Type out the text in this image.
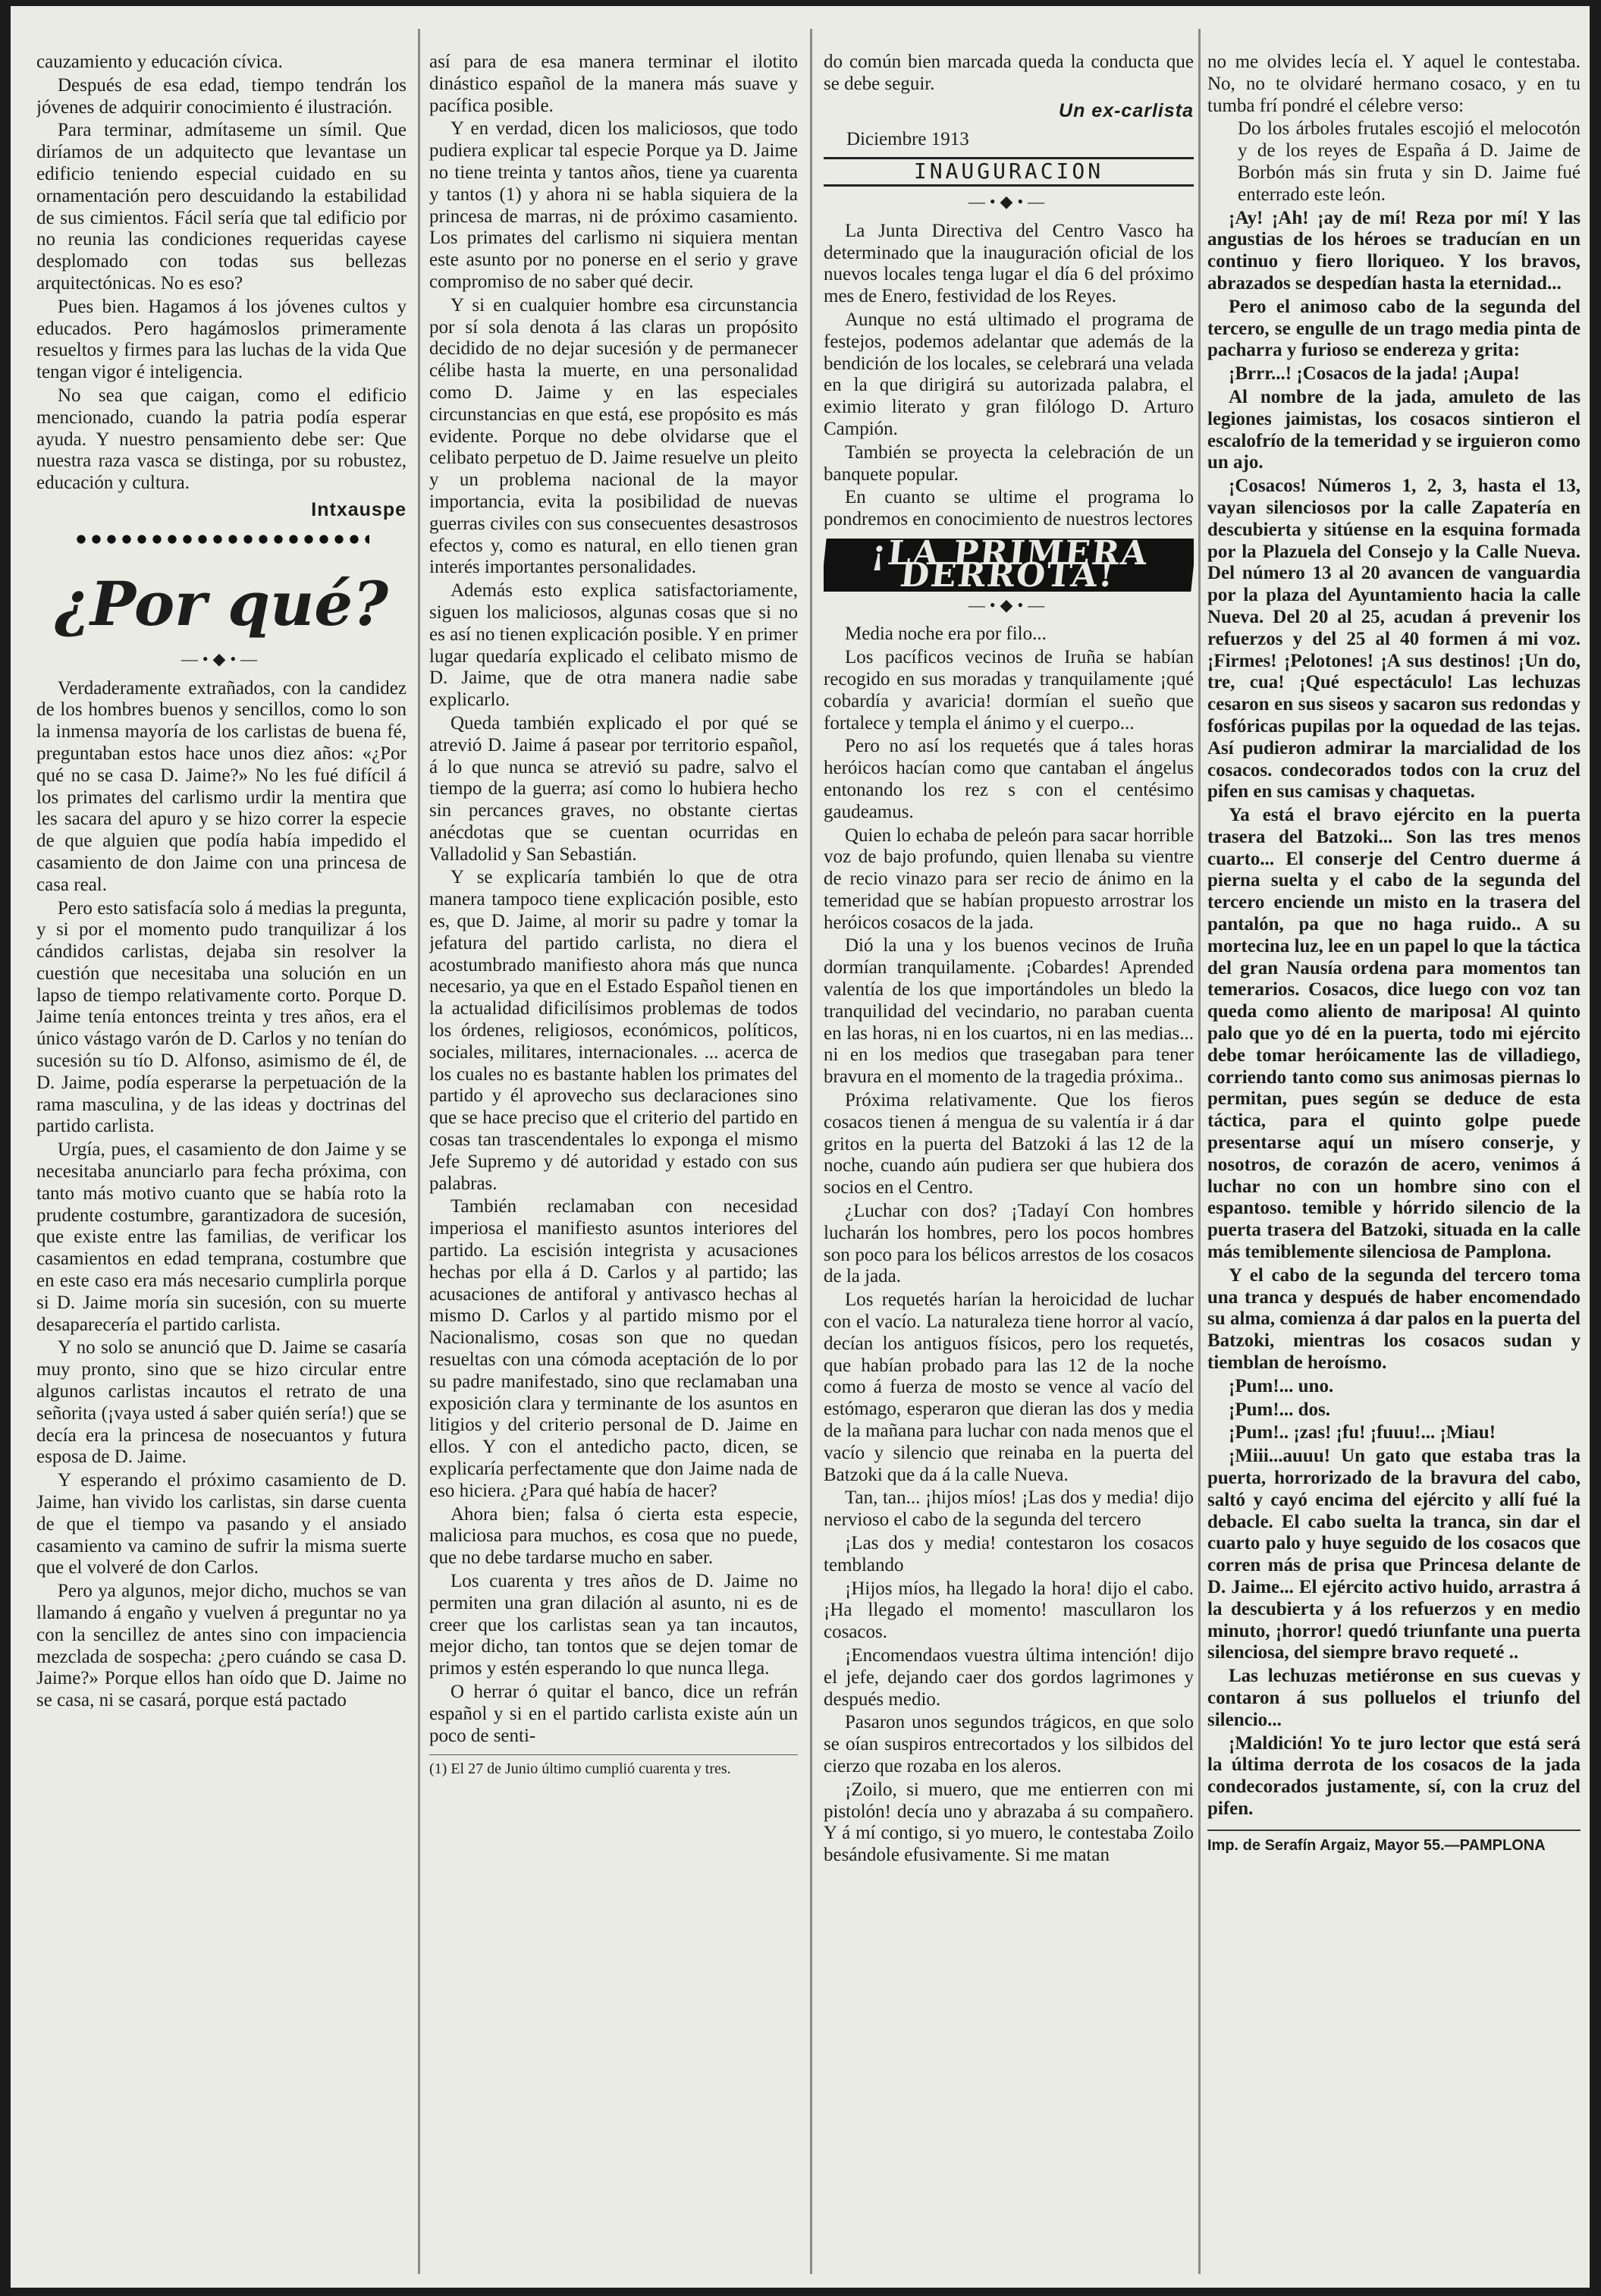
cauzamiento y educación cívica.

Después de esa edad, tiempo tendrán los jóvenes de adquirir conocimiento é ilustración.

Para terminar, admítaseme un símil. Que diríamos de un adquitecto que levantase un edificio teniendo especial cuidado en su ornamentación pero descuidando la estabilidad de sus cimientos. Fácil sería que tal edificio por no reunia las condiciones requeridas cayese desplomado con todas sus bellezas arquitectónicas. No es eso?

Pues bien. Hagamos á los jóvenes cultos y educados. Pero hagámoslos primeramente resueltos y firmes para las luchas de la vida Que tengan vigor é inteligencia.

No sea que caigan, como el edificio mencionado, cuando la patria podía esperar ayuda. Y nuestro pensamiento debe ser: Que nuestra raza vasca se distinga, por su robustez, educación y cultura.

Intxauspe
¿Por qué?
—•◆•—

Verdaderamente extrañados, con la candidez de los hombres buenos y sencillos, como lo son la inmensa mayoría de los carlistas de buena fé, preguntaban estos hace unos diez años: «¿Por qué no se casa D. Jaime?» No les fué difícil á los primates del carlismo urdir la mentira que les sacara del apuro y se hizo correr la especie de que alguien que podía había impedido el casamiento de don Jaime con una princesa de casa real.

Pero esto satisfacía solo á medias la pregunta, y si por el momento pudo tranquilizar á los cándidos carlistas, dejaba sin resolver la cuestión que necesitaba una solución en un lapso de tiempo relativamente corto. Porque D. Jaime tenía entonces treinta y tres años, era el único vástago varón de D. Carlos y no tenían do sucesión su tío D. Alfonso, asimismo de él, de D. Jaime, podía esperarse la perpetuación de la rama masculina, y de las ideas y doctrinas del partido carlista.

Urgía, pues, el casamiento de don Jaime y se necesitaba anunciarlo para fecha próxima, con tanto más motivo cuanto que se había roto la prudente costumbre, garantizadora de sucesión, que existe entre las familias, de verificar los casamientos en edad temprana, costumbre que en este caso era más necesario cumplirla porque si D. Jaime moría sin sucesión, con su muerte desaparecería el partido carlista.

Y no solo se anunció que D. Jaime se casaría muy pronto, sino que se hizo circular entre algunos carlistas incautos el retrato de una señorita (¡vaya usted á saber quién sería!) que se decía era la princesa de nosecuantos y futura esposa de D. Jaime.

Y esperando el próximo casamiento de D. Jaime, han vivido los carlistas, sin darse cuenta de que el tiempo va pasando y el ansiado casamiento va camino de sufrir la misma suerte que el volveré de don Carlos.

Pero ya algunos, mejor dicho, muchos se van llamando á engaño y vuelven á preguntar no ya con la sencillez de antes sino con impaciencia mezclada de sospecha: ¿pero cuándo se casa D. Jaime?» Porque ellos han oído que D. Jaime no se casa, ni se casará, porque está pactado

así para de esa manera terminar el ilotito dinástico español de la manera más suave y pacífica posible.

Y en verdad, dicen los maliciosos, que todo pudiera explicar tal especie Porque ya D. Jaime no tiene treinta y tantos años, tiene ya cuarenta y tantos (1) y ahora ni se habla siquiera de la princesa de marras, ni de próximo casamiento. Los primates del carlismo ni siquiera mentan este asunto por no ponerse en el serio y grave compromiso de no saber qué decir.

Y si en cualquier hombre esa circunstancia por sí sola denota á las claras un propósito decidido de no dejar sucesión y de permanecer célibe hasta la muerte, en una personalidad como D. Jaime y en las especiales circunstancias en que está, ese propósito es más evidente. Porque no debe olvidarse que el celibato perpetuo de D. Jaime resuelve un pleito y un problema nacional de la mayor importancia, evita la posibilidad de nuevas guerras civiles con sus consecuentes desastrosos efectos y, como es natural, en ello tienen gran interés importantes personalidades.

Además esto explica satisfactoriamente, siguen los maliciosos, algunas cosas que si no es así no tienen explicación posible. Y en primer lugar quedaría explicado el celibato mismo de D. Jaime, que de otra manera nadie sabe explicarlo.

Queda también explicado el por qué se atrevió D. Jaime á pasear por territorio español, á lo que nunca se atrevió su padre, salvo el tiempo de la guerra; así como lo hubiera hecho sin percances graves, no obstante ciertas anécdotas que se cuentan ocurridas en Valladolid y San Sebastián.

Y se explicaría también lo que de otra manera tampoco tiene explicación posible, esto es, que D. Jaime, al morir su padre y tomar la jefatura del partido carlista, no diera el acostumbrado manifiesto ahora más que nunca necesario, ya que en el Estado Español tienen en la actualidad dificilísimos problemas de todos los órdenes, religiosos, económicos, políticos, sociales, militares, internacionales. ... acerca de los cuales no es bastante hablen los primates del partido y él aprovecho sus declaraciones sino que se hace preciso que el criterio del partido en cosas tan trascendentales lo exponga el mismo Jefe Supremo y dé autoridad y estado con sus palabras.

También reclamaban con necesidad imperiosa el manifiesto asuntos interiores del partido. La escisión integrista y acusaciones hechas por ella á D. Carlos y al partido; las acusaciones de antiforal y antivasco hechas al mismo D. Carlos y al partido mismo por el Nacionalismo, cosas son que no quedan resueltas con una cómoda aceptación de lo por su padre manifestado, sino que reclamaban una exposición clara y terminante de los asuntos en litigios y del criterio personal de D. Jaime en ellos. Y con el antedicho pacto, dicen, se explicaría perfectamente que don Jaime nada de eso hiciera. ¿Para qué había de hacer?

Ahora bien; falsa ó cierta esta especie, maliciosa para muchos, es cosa que no puede, que no debe tardarse mucho en saber.

Los cuarenta y tres años de D. Jaime no permiten una gran dilación al asunto, ni es de creer que los carlistas sean ya tan incautos, mejor dicho, tan tontos que se dejen tomar de primos y estén esperando lo que nunca llega.

O herrar ó quitar el banco, dice un refrán español y si en el partido carlista existe aún un poco de senti-

(1) El 27 de Junio último cumplió cuarenta y tres.

do común bien marcada queda la conducta que se debe seguir.

Un ex-carlista
Diciembre 1913
INAUGURACION
—•◆•—

La Junta Directiva del Centro Vasco ha determinado que la inauguración oficial de los nuevos locales tenga lugar el día 6 del próximo mes de Enero, festividad de los Reyes.

Aunque no está ultimado el programa de festejos, podemos adelantar que además de la bendición de los locales, se celebrará una velada en la que dirigirá su autorizada palabra, el eximio literato y gran filólogo D. Arturo Campión.

También se proyecta la celebración de un banquete popular.

En cuanto se ultime el programa lo pondremos en conocimiento de nuestros lectores

¡LA PRIMERA DERROTA!
—•◆•—

Media noche era por filo...

Los pacíficos vecinos de Iruña se habían recogido en sus moradas y tranquilamente ¡qué cobardía y avaricia! dormían el sueño que fortalece y templa el ánimo y el cuerpo...

Pero no así los requetés que á tales horas heróicos hacían como que cantaban el ángelus entonando los rez s con el centésimo gaudeamus.

Quien lo echaba de peleón para sacar horrible voz de bajo profundo, quien llenaba su vientre de recio vinazo para ser recio de ánimo en la temeridad que se habían propuesto arrostrar los heróicos cosacos de la jada.

Dió la una y los buenos vecinos de Iruña dormían tranquilamente. ¡Cobardes! Aprended valentía de los que importándoles un bledo la tranquilidad del vecindario, no paraban cuenta en las horas, ni en los cuartos, ni en las medias... ni en los medios que trasegaban para tener bravura en el momento de la tragedia próxima..

Próxima relativamente. Que los fieros cosacos tienen á mengua de su valentía ir á dar gritos en la puerta del Batzoki á las 12 de la noche, cuando aún pudiera ser que hubiera dos socios en el Centro.

¿Luchar con dos? ¡Tadayí Con hombres lucharán los hombres, pero los pocos hombres son poco para los bélicos arrestos de los cosacos de la jada.

Los requetés harían la heroicidad de luchar con el vacío. La naturaleza tiene horror al vacío, decían los antiguos físicos, pero los requetés, que habían probado para las 12 de la noche como á fuerza de mosto se vence al vacío del estómago, esperaron que dieran las dos y media de la mañana para luchar con nada menos que el vacío y silencio que reinaba en la puerta del Batzoki que da á la calle Nueva.

Tan, tan... ¡hijos míos! ¡Las dos y media! dijo nervioso el cabo de la segunda del tercero

¡Las dos y media! contestaron los cosacos temblando

¡Hijos míos, ha llegado la hora! dijo el cabo. ¡Ha llegado el momento! mascullaron los cosacos.

¡Encomendaos vuestra última intención! dijo el jefe, dejando caer dos gordos lagrimones y después medio.

Pasaron unos segundos trágicos, en que solo se oían suspiros entrecortados y los silbidos del cierzo que rozaba en los aleros.

¡Zoilo, si muero, que me entierren con mi pistolón! decía uno y abrazaba á su compañero. Y á mí contigo, si yo muero, le contestaba Zoilo besándole efusivamente. Si me matan

no me olvides lecía el. Y aquel le contestaba. No, no te olvidaré hermano cosaco, y en tu tumba frí pondré el célebre verso:

Do los árboles frutales escojió el melocotón y de los reyes de España á D. Jaime de Borbón más sin fruta y sin D. Jaime fué enterrado este león.

¡Ay! ¡Ah! ¡ay de mí! Reza por mí! Y las angustias de los héroes se traducían en un continuo y fiero lloriqueo. Y los bravos, abrazados se despedían hasta la eternidad...

Pero el animoso cabo de la segunda del tercero, se engulle de un trago media pinta de pacharra y furioso se endereza y grita:

¡Brrr...! ¡Cosacos de la jada! ¡Aupa!

Al nombre de la jada, amuleto de las legiones jaimistas, los cosacos sintieron el escalofrío de la temeridad y se irguieron como un ajo.

¡Cosacos! Números 1, 2, 3, hasta el 13, vayan silenciosos por la calle Zapatería en descubierta y sitúense en la esquina formada por la Plazuela del Consejo y la Calle Nueva. Del número 13 al 20 avancen de vanguardia por la plaza del Ayuntamiento hacia la calle Nueva. Del 20 al 25, acudan á prevenir los refuerzos y del 25 al 40 formen á mi voz. ¡Firmes! ¡Pelotones! ¡A sus destinos! ¡Un do, tre, cua! ¡Qué espectáculo! Las lechuzas cesaron en sus siseos y sacaron sus redondas y fosfóricas pupilas por la oquedad de las tejas. Así pudieron admirar la marcialidad de los cosacos. condecorados todos con la cruz del pifen en sus camisas y chaquetas.

Ya está el bravo ejército en la puerta trasera del Batzoki... Son las tres menos cuarto... El conserje del Centro duerme á pierna suelta y el cabo de la segunda del tercero enciende un misto en la trasera del pantalón, pa que no haga ruido.. A su mortecina luz, lee en un papel lo que la táctica del gran Nausía ordena para momentos tan temerarios. Cosacos, dice luego con voz tan queda como aliento de mariposa! Al quinto palo que yo dé en la puerta, todo mi ejército debe tomar heróicamente las de villadiego, corriendo tanto como sus animosas piernas lo permitan, pues según se deduce de esta táctica, para el quinto golpe puede presentarse aquí un mísero conserje, y nosotros, de corazón de acero, venimos á luchar no con un hombre sino con el espantoso. temible y hórrido silencio de la puerta trasera del Batzoki, situada en la calle más temiblemente silenciosa de Pamplona.

Y el cabo de la segunda del tercero toma una tranca y después de haber encomendado su alma, comienza á dar palos en la puerta del Batzoki, mientras los cosacos sudan y tiemblan de heroísmo.

¡Pum!... uno.

¡Pum!... dos.

¡Pum!.. ¡zas! ¡fu! ¡fuuu!... ¡Miau!

¡Miii...auuu! Un gato que estaba tras la puerta, horrorizado de la bravura del cabo, saltó y cayó encima del ejército y allí fué la debacle. El cabo suelta la tranca, sin dar el cuarto palo y huye seguido de los cosacos que corren más de prisa que Princesa delante de D. Jaime... El ejército activo huido, arrastra á la descubierta y á los refuerzos y en medio minuto, ¡horror! quedó triunfante una puerta silenciosa, del siempre bravo requeté ..

Las lechuzas metiéronse en sus cuevas y contaron á sus polluelos el triunfo del silencio...

¡Maldición! Yo te juro lector que está será la última derrota de los cosacos de la jada condecorados justamente, sí, con la cruz del pifen.

Imp. de Serafín Argaiz, Mayor 55.—PAMPLONA
